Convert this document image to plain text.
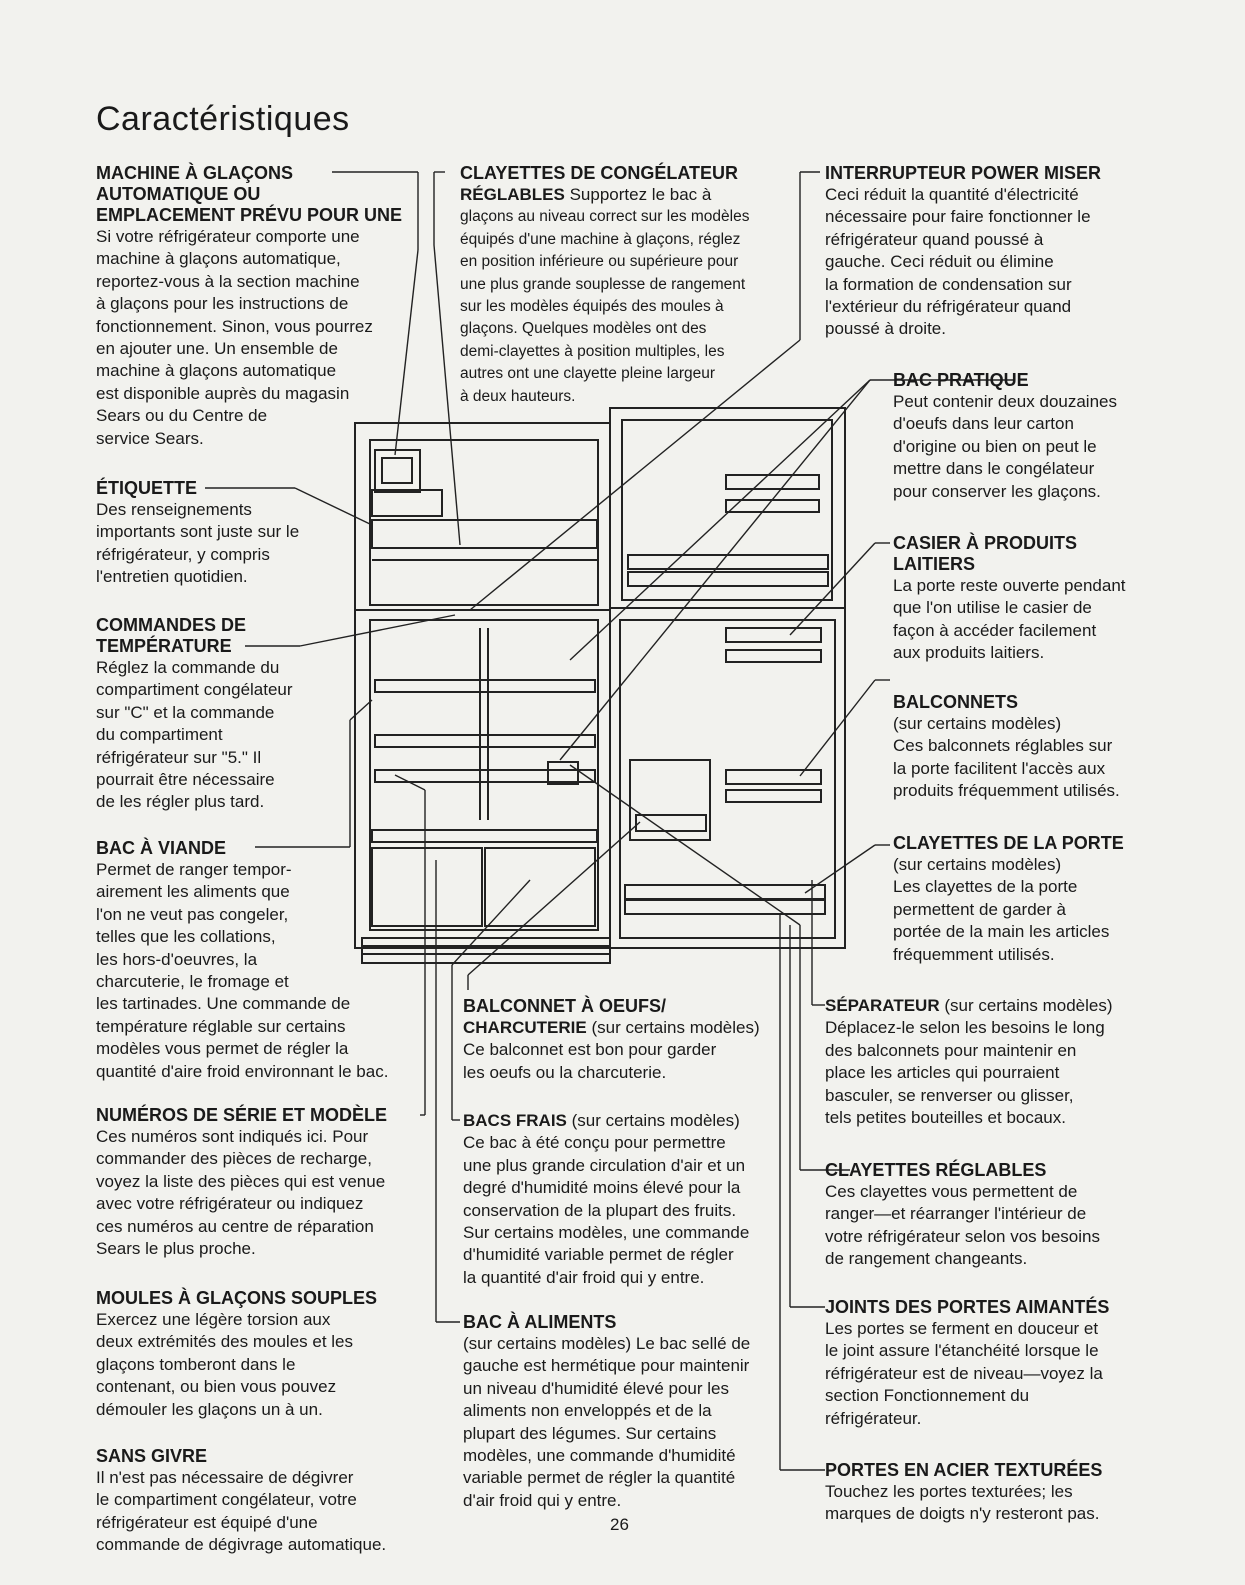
Caractéristiques
MACHINE À GLAÇONS
AUTOMATIQUE OU
EMPLACEMENT PRÉVU POUR UNE

Si votre réfrigérateur comporte une
machine à glaçons automatique,
reportez-vous à la section machine
à glaçons pour les instructions de
fonctionnement. Sinon, vous pourrez
en ajouter une. Un ensemble de
machine à glaçons automatique
est disponible auprès du magasin
Sears ou du Centre de
service Sears.

ÉTIQUETTE

Des renseignements
importants sont juste sur le
réfrigérateur, y compris
l'entretien quotidien.

COMMANDES DE
TEMPÉRATURE

Réglez la commande du
compartiment congélateur
sur "C" et la commande
du compartiment
réfrigérateur sur "5." Il
pourrait être nécessaire
de les régler plus tard.

BAC À VIANDE

Permet de ranger tempor-
airement les aliments que
l'on ne veut pas congeler,
telles que les collations,
les hors-d'oeuvres, la
charcuterie, le fromage et
les tartinades. Une commande de
température réglable sur certains
modèles vous permet de régler la
quantité d'aire froid environnant le bac.

NUMÉROS DE SÉRIE ET MODÈLE

Ces numéros sont indiqués ici. Pour
commander des pièces de recharge,
voyez la liste des pièces qui est venue
avec votre réfrigérateur ou indiquez
ces numéros au centre de réparation
Sears le plus proche.

MOULES À GLAÇONS SOUPLES

Exercez une légère torsion aux
deux extrémités des moules et les
glaçons tomberont dans le
contenant, ou bien vous pouvez
démouler les glaçons un à un.

SANS GIVRE

Il n'est pas nécessaire de dégivrer
le compartiment congélateur, votre
réfrigérateur est équipé d'une
commande de dégivrage automatique.

CLAYETTES DE CONGÉLATEUR

RÉGLABLES Supportez le bac à

glaçons au niveau correct sur les modèles
équipés d'une machine à glaçons, réglez
en position inférieure ou supérieure pour
une plus grande souplesse de rangement
sur les modèles équipés des moules à
glaçons. Quelques modèles ont des
demi-clayettes à position multiples, les
autres ont une clayette pleine largeur
à deux hauteurs.

INTERRUPTEUR POWER MISER

Ceci réduit la quantité d'électricité
nécessaire pour faire fonctionner le
réfrigérateur quand poussé à
gauche. Ceci réduit ou élimine
la formation de condensation sur
l'extérieur du réfrigérateur quand
poussé à droite.

BAC PRATIQUE

Peut contenir deux douzaines
d'oeufs dans leur carton
d'origine ou bien on peut le
mettre dans le congélateur
pour conserver les glaçons.

CASIER À PRODUITS
LAITIERS

La porte reste ouverte pendant
que l'on utilise le casier de
façon à accéder facilement
aux produits laitiers.

BALCONNETS

(sur certains modèles)
Ces balconnets réglables sur
la porte facilitent l'accès aux
produits fréquemment utilisés.

CLAYETTES DE LA PORTE

(sur certains modèles)
Les clayettes de la porte
permettent de garder à
portée de la main les articles
fréquemment utilisés.

SÉPARATEUR (sur certains modèles)

Déplacez-le selon les besoins le long
des balconnets pour maintenir en
place les articles qui pourraient
basculer, se renverser ou glisser,
tels petites bouteilles et bocaux.

CLAYETTES RÉGLABLES

Ces clayettes vous permettent de
ranger—et réarranger l'intérieur de
votre réfrigérateur selon vos besoins
de rangement changeants.

JOINTS DES PORTES AIMANTÉS

Les portes se ferment en douceur et
le joint assure l'étanchéité lorsque le
réfrigérateur est de niveau—voyez la
section Fonctionnement du
réfrigérateur.

PORTES EN ACIER TEXTURÉES

Touchez les portes texturées; les
marques de doigts n'y resteront pas.

BALCONNET À OEUFS/

CHARCUTERIE (sur certains modèles)

Ce balconnet est bon pour garder
les oeufs ou la charcuterie.

BACS FRAIS (sur certains modèles)

Ce bac à été conçu pour permettre
une plus grande circulation d'air et un
degré d'humidité moins élevé pour la
conservation de la plupart des fruits.
Sur certains modèles, une commande
d'humidité variable permet de régler
la quantité d'air froid qui y entre.

BAC À ALIMENTS

(sur certains modèles) Le bac sellé de
gauche est hermétique pour maintenir
un niveau d'humidité élevé pour les
aliments non enveloppés et de la
plupart des légumes. Sur certains
modèles, une commande d'humidité
variable permet de régler la quantité
d'air froid qui y entre.

26
